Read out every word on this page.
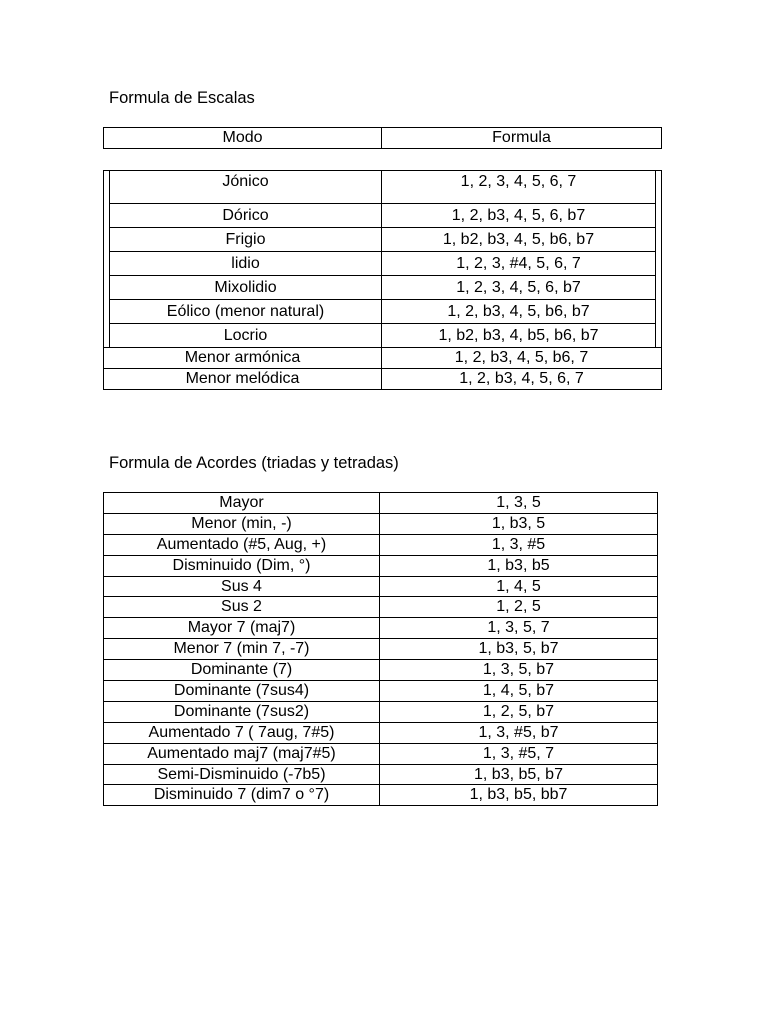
Formula de Escalas
Modo	Formula
Jónico	1, 2, 3, 4, 5, 6, 7
Dórico	1, 2, b3, 4, 5, 6, b7
Frigio	1, b2, b3, 4, 5, b6, b7
lidio	1, 2, 3, #4, 5, 6, 7
Mixolidio	1, 2, 3, 4, 5, 6, b7
Eólico (menor natural)	1, 2, b3, 4, 5, b6, b7
Locrio	1, b2, b3, 4, b5, b6, b7
Menor armónica	1, 2, b3, 4, 5, b6, 7
Menor melódica	1, 2, b3, 4, 5, 6, 7
Formula de Acordes (triadas y tetradas)
Mayor	1, 3, 5
Menor (min, -)	1, b3, 5
Aumentado (#5, Aug, +)	1, 3, #5
Disminuido (Dim, °)	1, b3, b5
Sus 4	1, 4, 5
Sus 2	1, 2, 5
Mayor 7 (maj7)	1, 3, 5, 7
Menor 7 (min 7, -7)	1, b3, 5, b7
Dominante (7)	1, 3, 5, b7
Dominante (7sus4)	1, 4, 5, b7
Dominante (7sus2)	1, 2, 5, b7
Aumentado 7 ( 7aug, 7#5)	1, 3, #5, b7
Aumentado maj7 (maj7#5)	1, 3, #5, 7
Semi-Disminuido (-7b5)	1, b3, b5, b7
Disminuido 7 (dim7 o °7)	1, b3, b5, bb7
